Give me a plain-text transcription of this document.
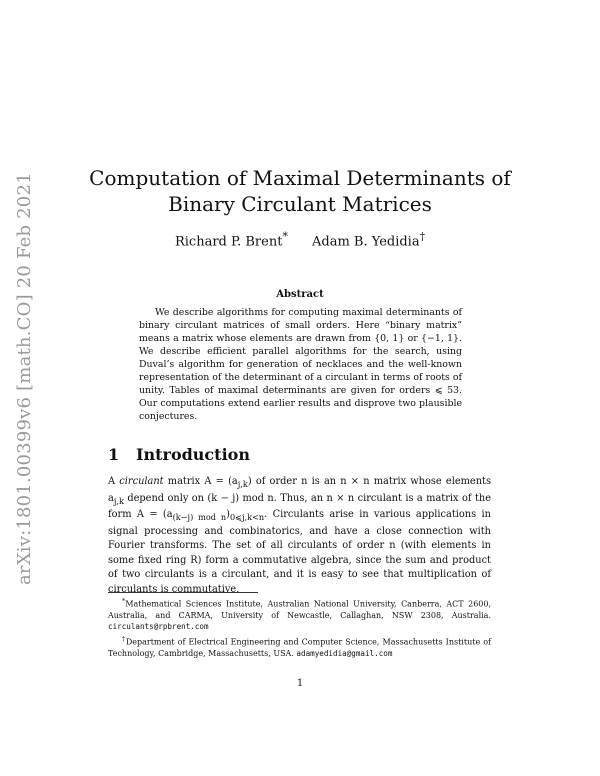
arXiv:1801.00399v6 [math.CO] 20 Feb 2021	Computation of Maximal Determinants of
Binary Circulant Matrices
Richard P. Brent* Adam B. Yedidia†
Abstract
We describe algorithms for computing maximal determinants of binary circulant matrices of small orders. Here “binary matrix” means a matrix whose elements are drawn from {0, 1} or {−1, 1}. We describe efficient parallel algorithms for the search, using Duval’s algorithm for generation of necklaces and the well-known representation of the determinant of a circulant in terms of roots of unity. Tables of maximal determinants are given for orders ⩽ 53. Our computations extend earlier results and disprove two plausible conjectures.
1 Introduction
A circulant matrix $A = (a_{j,k})$ of order n is an n × n matrix whose elements $a_{j,k}$ depend only on (k − j) mod n. Thus, an n × n circulant is a matrix of the form $A = (a_{(k-j) mod n})_{0⩽j,k<n}$. Circulants arise in various applications in signal processing and combinatorics, and have a close connection with Fourier transforms. The set of all circulants of order n (with elements in some fixed ring R) form a commutative algebra, since the sum and product of two circulants is a circulant, and it is easy to see that multiplication of circulants is commutative.

*Mathematical Sciences Institute, Australian National University, Canberra, ACT 2600, Australia, and CARMA, University of Newcastle, Callaghan, NSW 2308, Australia. circulants@rpbrent.com

†Department of Electrical Engineering and Computer Science, Massachusetts Institute of Technology, Cambridge, Massachusetts, USA. adamyedidia@gmail.com

1
